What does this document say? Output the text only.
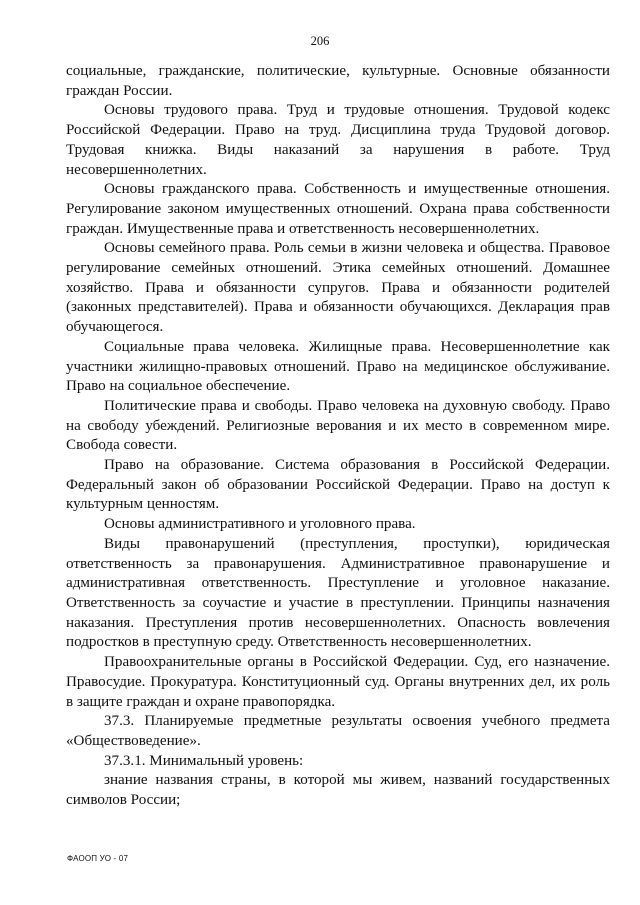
206

социальные, гражданские, политические, культурные. Основные обязанности граждан России.

Основы трудового права. Труд и трудовые отношения. Трудовой кодекс Российской Федерации. Право на труд. Дисциплина труда Трудовой договор. Трудовая книжка. Виды наказаний за нарушения в работе. Труд несовершеннолетних.

Основы гражданского права. Собственность и имущественные отношения. Регулирование законом имущественных отношений. Охрана права собственности граждан. Имущественные права и ответственность несовершеннолетних.

Основы семейного права. Роль семьи в жизни человека и общества. Правовое регулирование семейных отношений. Этика семейных отношений. Домашнее хозяйство. Права и обязанности супругов. Права и обязанности родителей (законных представителей). Права и обязанности обучающихся. Декларация прав обучающегося.

Социальные права человека. Жилищные права. Несовершеннолетние как участники жилищно-правовых отношений. Право на медицинское обслуживание. Право на социальное обеспечение.

Политические права и свободы. Право человека на духовную свободу. Право на свободу убеждений. Религиозные верования и их место в современном мире. Свобода совести.

Право на образование. Система образования в Российской Федерации. Федеральный закон об образовании Российской Федерации. Право на доступ к культурным ценностям.

Основы административного и уголовного права.

Виды правонарушений (преступления, проступки), юридическая ответственность за правонарушения. Административное правонарушение и административная ответственность. Преступление и уголовное наказание. Ответственность за соучастие и участие в преступлении. Принципы назначения наказания. Преступления против несовершеннолетних. Опасность вовлечения подростков в преступную среду. Ответственность несовершеннолетних.

Правоохранительные органы в Российской Федерации. Суд, его назначение. Правосудие. Прокуратура. Конституционный суд. Органы внутренних дел, их роль в защите граждан и охране правопорядка.

37.3. Планируемые предметные результаты освоения учебного предмета «Обществоведение».

37.3.1. Минимальный уровень:

знание названия страны, в которой мы живем, названий государственных символов России;

ФАООП УО - 07
